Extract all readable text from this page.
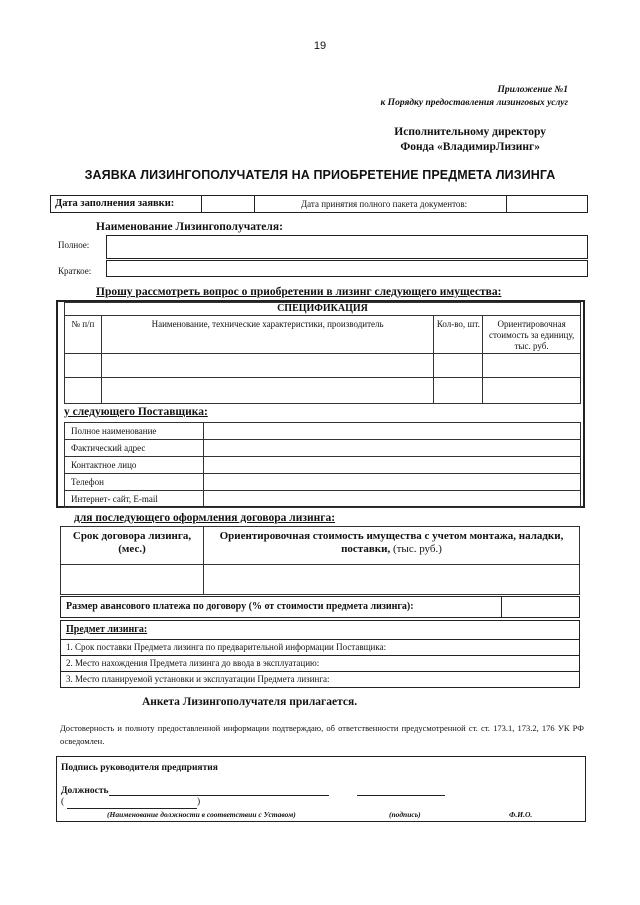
19
Приложение №1
к Порядку предоставления лизинговых услуг
Исполнительному директору
Фонда «ВладимирЛизинг»
ЗАЯВКА ЛИЗИНГОПОЛУЧАТЕЛЯ НА ПРИОБРЕТЕНИЕ ПРЕДМЕТА ЛИЗИНГА
Дата заполнения заявки:	Дата принятия полного пакета документов:
Наименование Лизингополучателя:
Полное:
Краткое:
Прошу рассмотреть вопрос о приобретении в лизинг следующего имущества:
СПЕЦИФИКАЦИЯ			
№ п/п	Наименование, технические характеристики, производитель	Кол-во, шт.	Ориентировочная стоимость за единицу, тыс. руб.

у следующего Поставщика:
Полное наименование	
Фактический адрес	
Контактное лицо	
Телефон	
Интернет- сайт, E-mail	
для последующего оформления договора лизинга:
Срок договора лизинга, (мес.)	Ориентировочная стоимость имущества с учетом монтажа, наладки, поставки, (тыс. руб.)

Размер авансового платежа по договору (% от стоимости предмета лизинга):
Предмет лизинга:
1. Срок поставки Предмета лизинга по предварительной информации Поставщика:
2. Место нахождения Предмета лизинга до ввода в эксплуатацию:
3. Место планируемой установки и эксплуатации Предмета лизинга:
Анкета Лизингополучателя прилагается.
Достоверность и полноту предоставленной информации подтверждаю, об ответственности предусмотренной ст. ст. 173.1, 173.2, 176 УК РФ осведомлен.
Подпись руководителя предприятия
Должность
(	)
(Наименование должности в соответствии с Уставом)	(подпись)	Ф.И.О.
